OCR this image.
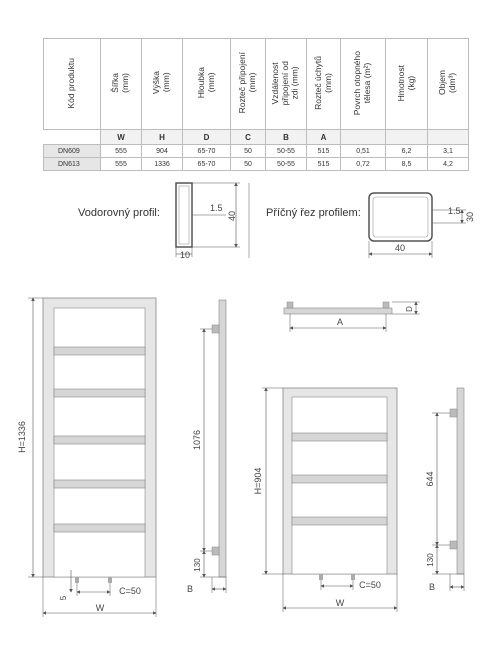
Kód produktu	Šířka (mm)	Výška (mm)	Hloubka (mm)	Rozteč připojení (mm)	Vzdálenost připojení od zdi (mm)	Rozteč úchytů (mm)	Povrch otopného tělesa (m²)	Hmotnost (kg)	Objem (dm³)

	W	H	D	C	B	A			
DN609	555	904	65-70	50	50-55	515	0,51	6,2	3,1
DN613	555	1336	65-70	50	50-55	515	0,72	8,5	4,2
1.5
40
10
1.5
30
40
H=1336
W
C=50
5
1076
130
B
D
A
H=904
W
C=50
644
130
B
Vodorovný profil:	Příčný řez profilem:
